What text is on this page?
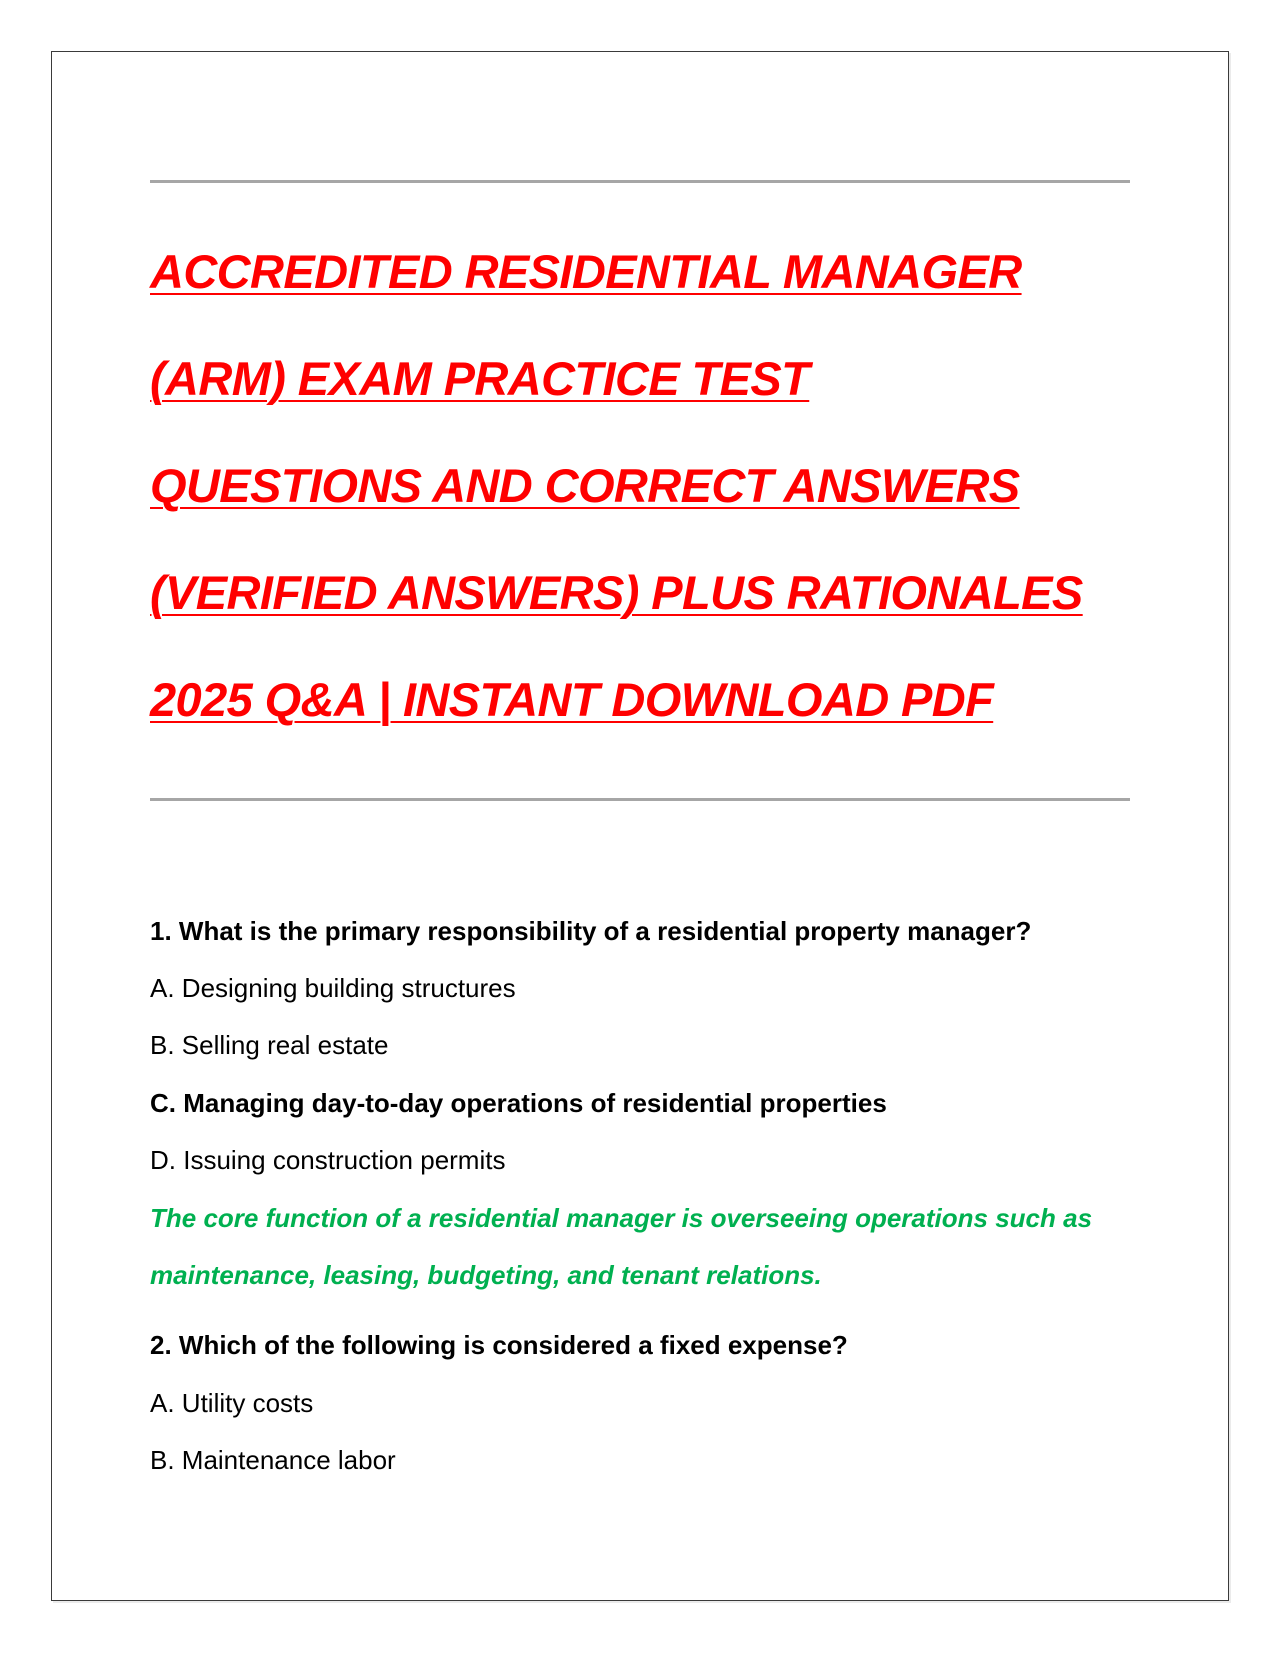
ACCREDITED RESIDENTIAL MANAGER
(ARM) EXAM PRACTICE TEST
QUESTIONS AND CORRECT ANSWERS
(VERIFIED ANSWERS) PLUS RATIONALES
2025 Q&A | INSTANT DOWNLOAD PDF

1. What is the primary responsibility of a residential property manager?

A. Designing building structures

B. Selling real estate

C. Managing day-to-day operations of residential properties

D. Issuing construction permits

The core function of a residential manager is overseeing operations such as

maintenance, leasing, budgeting, and tenant relations.

2. Which of the following is considered a fixed expense?

A. Utility costs

B. Maintenance labor
